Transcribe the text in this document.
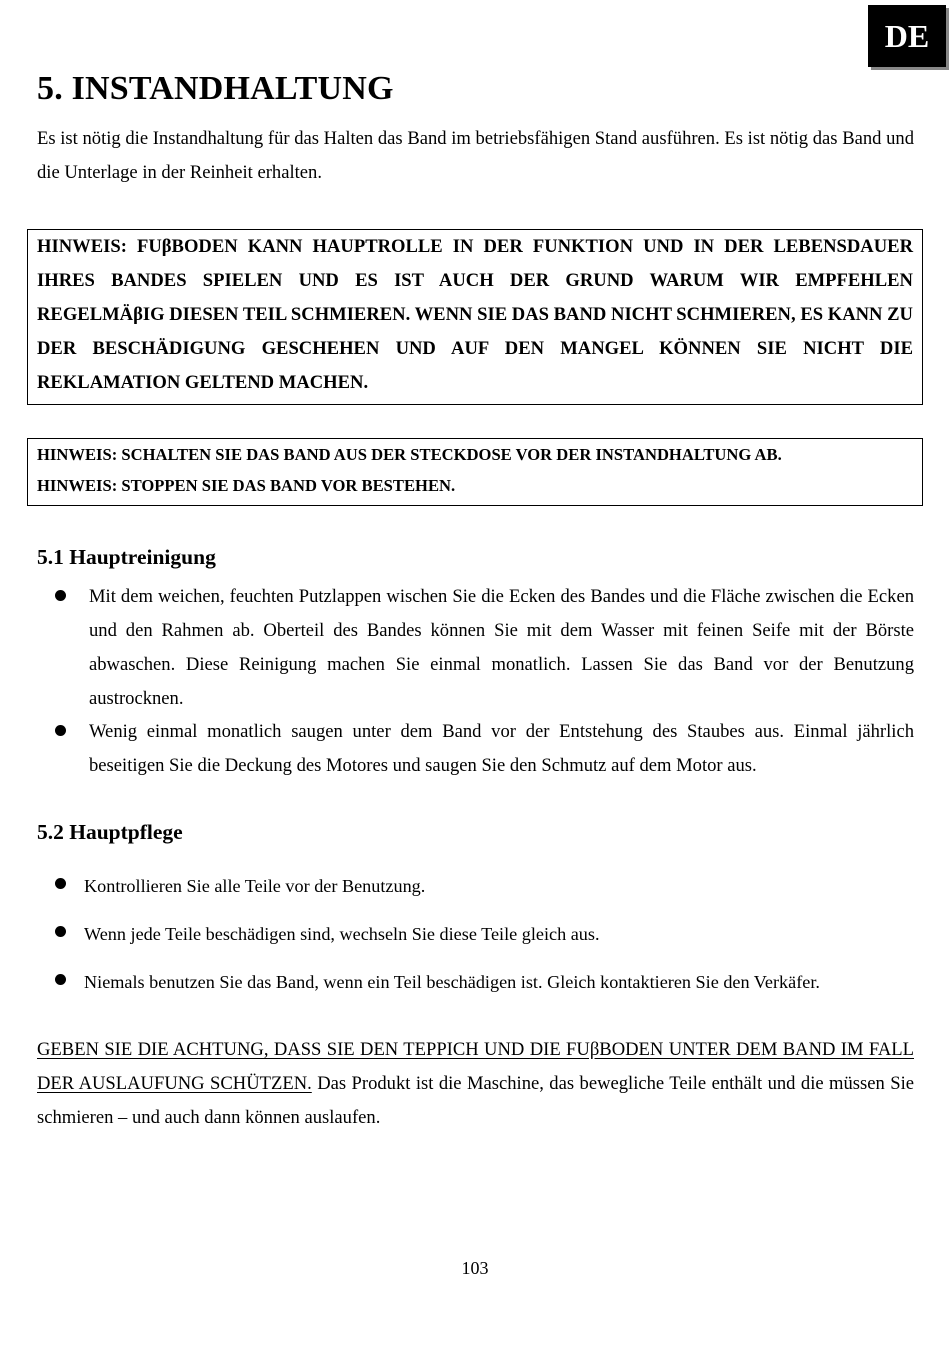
DE
5. INSTANDHALTUNG

Es ist nötig die Instandhaltung für das Halten das Band im betriebsfähigen Stand ausführen. Es ist nötig das Band und die Unterlage in der Reinheit erhalten.

HINWEIS: FUβBODEN KANN HAUPTROLLE IN DER FUNKTION UND IN DER LEBENSDAUER IHRES BANDES SPIELEN UND ES IST AUCH DER GRUND WARUM WIR EMPFEHLEN REGELMÄβIG DIESEN TEIL SCHMIEREN. WENN SIE DAS BAND NICHT SCHMIEREN, ES KANN ZU DER BESCHÄDIGUNG GESCHEHEN UND AUF DEN MANGEL KÖNNEN SIE NICHT DIE REKLAMATION GELTEND MACHEN.

HINWEIS: SCHALTEN SIE DAS BAND AUS DER STECKDOSE VOR DER INSTANDHALTUNG AB.

HINWEIS: STOPPEN SIE DAS BAND VOR BESTEHEN.

5.1 Hauptreinigung

Mit dem weichen, feuchten Putzlappen wischen Sie die Ecken des Bandes und die Fläche zwischen die Ecken und den Rahmen ab. Oberteil des Bandes können Sie mit dem Wasser mit feinen Seife mit der Börste abwaschen. Diese Reinigung machen Sie einmal monatlich. Lassen Sie das Band vor der Benutzung austrocknen.

Wenig einmal monatlich saugen unter dem Band vor der Entstehung des Staubes aus. Einmal jährlich beseitigen Sie die Deckung des Motores und saugen Sie den Schmutz auf dem Motor aus.

5.2 Hauptpflege

Kontrollieren Sie alle Teile vor der Benutzung.

Wenn jede Teile beschädigen sind, wechseln Sie diese Teile gleich aus.

Niemals benutzen Sie das Band, wenn ein Teil beschädigen ist. Gleich kontaktieren Sie den Verkäfer.

GEBEN SIE DIE ACHTUNG, DASS SIE DEN TEPPICH UND DIE FUβBODEN UNTER DEM BAND IM FALL DER AUSLAUFUNG SCHÜTZEN. Das Produkt ist die Maschine, das bewegliche Teile enthält und die müssen Sie schmieren – und auch dann können auslaufen.

103
